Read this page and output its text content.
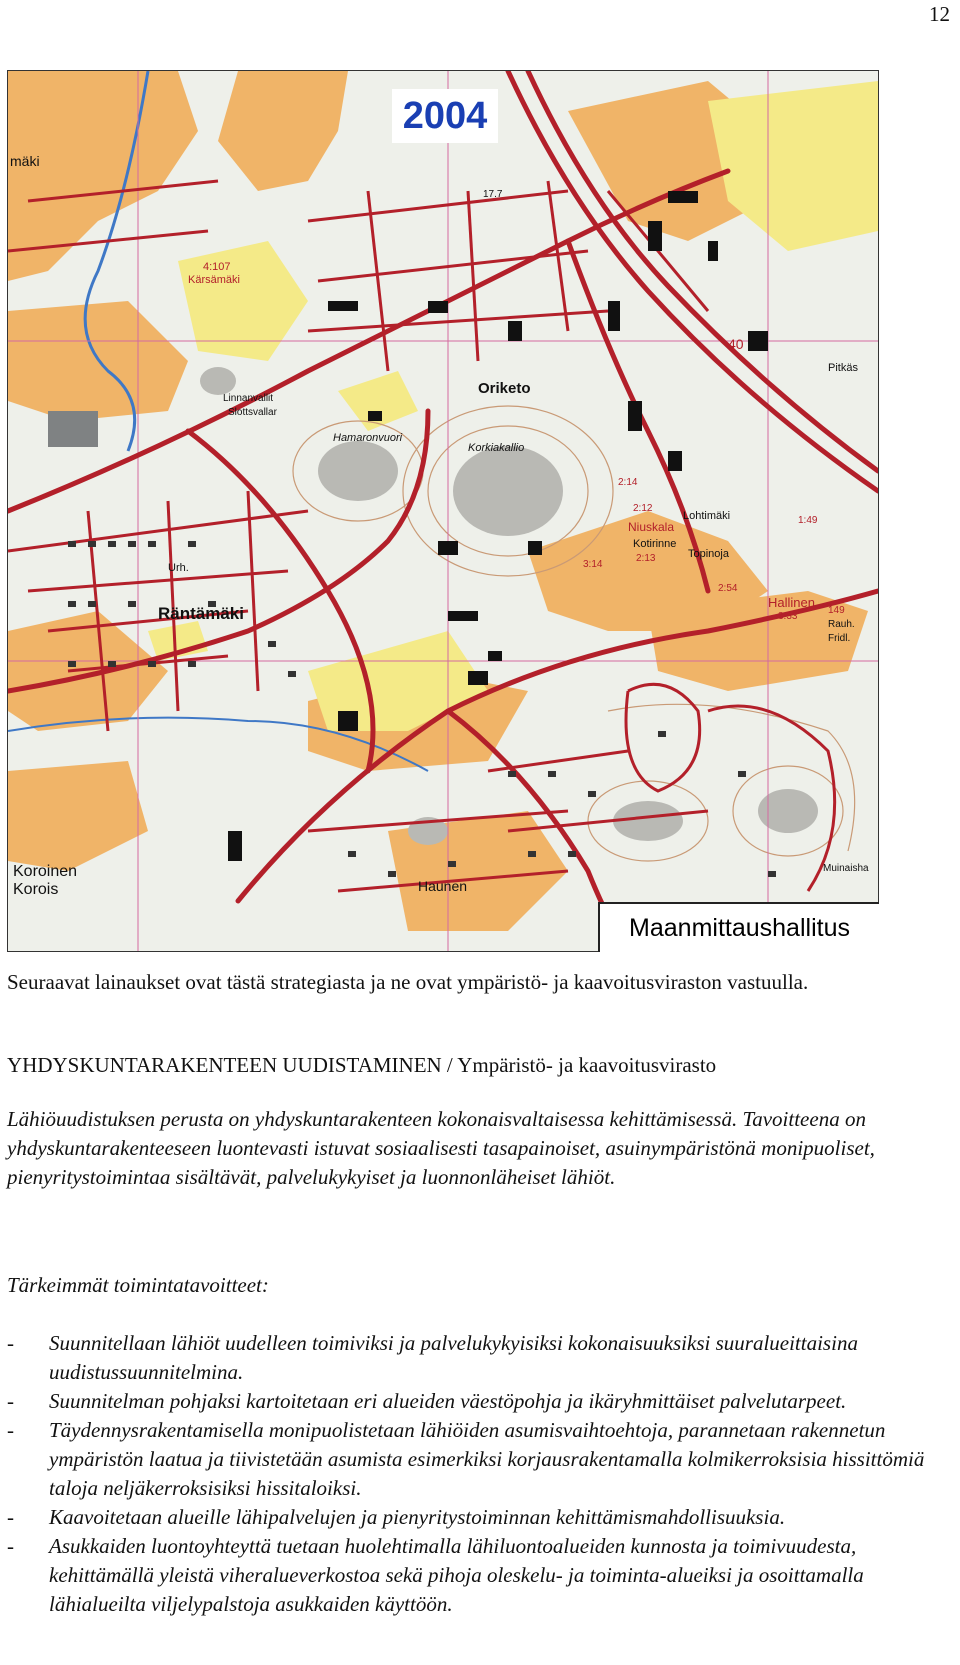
12
Oriketo
Räntämäki
Kärsämäki
4:107
Korkiakallio
Hamaronvuori
Niuskala
Kotirinne
Topinoja
Hallinen
Haunen
Koroinen
Korois
Pitkäs
Lohtimäki
Linnanvallit
Slottsvallar
Muinaisha
Rauh.
Fridl.
Urh.
mäki
40
17.7
1:49
149
2:54
3:33
3:14
2:12
2:13
2:14
2004
Maanmittaushallitus

Seuraavat lainaukset ovat tästä strategiasta ja ne ovat ympäristö- ja kaavoitusviraston vastuulla.

YHDYSKUNTARAKENTEEN UUDISTAMINEN / Ympäristö- ja kaavoitusvirasto

Lähiöuudistuksen perusta on yhdyskuntarakenteen kokonaisvaltaisessa kehittämisessä. Tavoitteena on yhdyskuntarakenteeseen luontevasti istuvat sosiaalisesti tasapainoiset, asuinympäristönä monipuoliset, pienyritystoimintaa sisältävät, palvelukykyiset ja luonnonläheiset lähiöt.

Tärkeimmät toimintatavoitteet:

- Suunnitellaan lähiöt uudelleen toimiviksi ja palvelukykyisiksi kokonaisuuksiksi suuralueittaisina uudistussuunnitelmina.
- Suunnitelman pohjaksi kartoitetaan eri alueiden väestöpohja ja ikäryhmittäiset palvelutarpeet.
- Täydennysrakentamisella monipuolistetaan lähiöiden asumisvaihtoehtoja, parannetaan rakennetun ympäristön laatua ja tiivistetään asumista esimerkiksi korjausrakentamalla kolmikerroksisia hissittömiä taloja neljäkerroksisiksi hissitaloiksi.
- Kaavoitetaan alueille lähipalvelujen ja pienyritystoiminnan kehittämismahdollisuuksia.
- Asukkaiden luontoyhteyttä tuetaan huolehtimalla lähiluontoalueiden kunnosta ja toimivuudesta, kehittämällä yleistä viheralueverkostoa sekä pihoja oleskelu- ja toiminta-alueiksi ja osoittamalla lähialueilta viljelypalstoja asukkaiden käyttöön.
